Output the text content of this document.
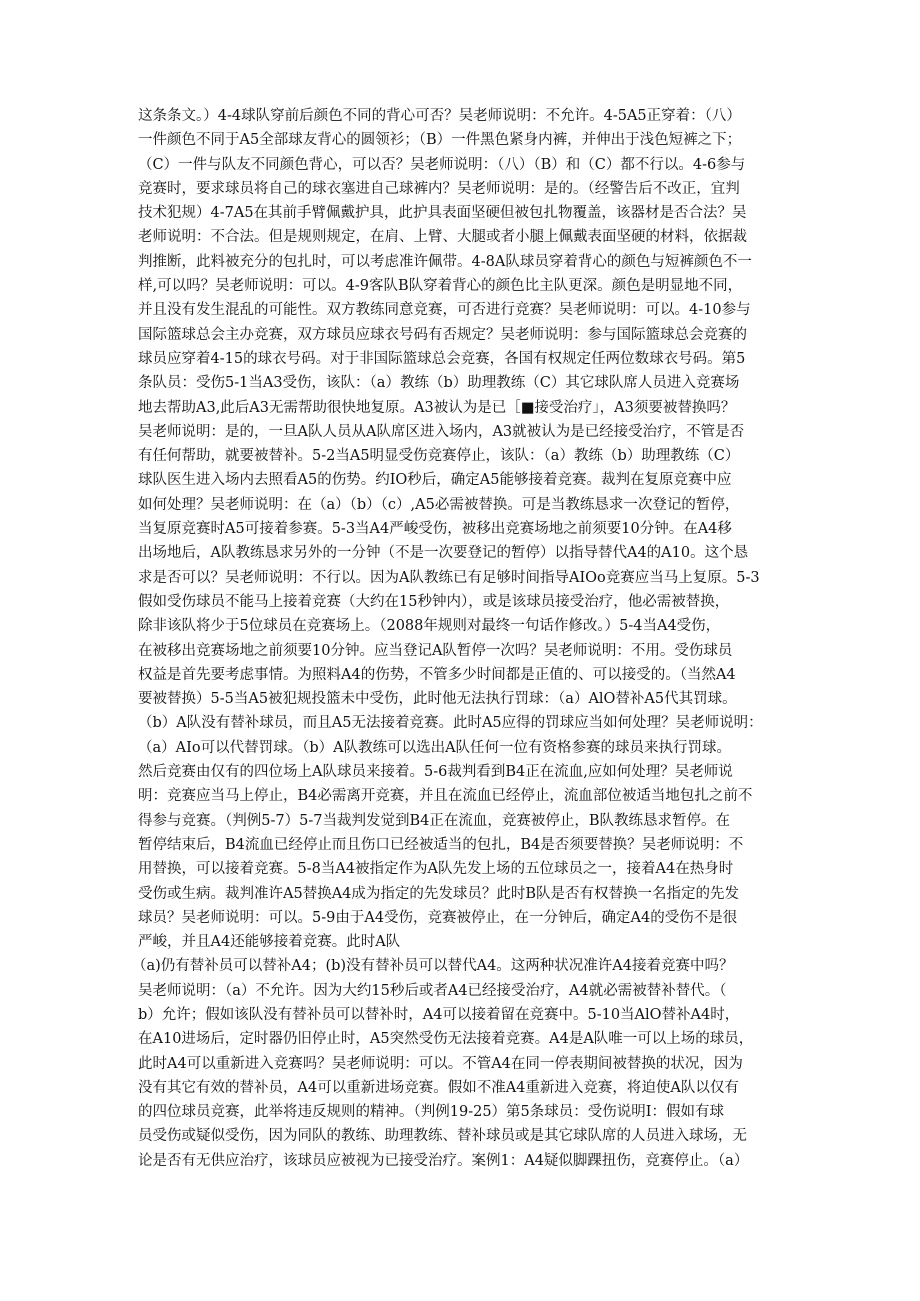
这条条文。）4-4球队穿前后颜色不同的背心可否？吴老师说明：不允许。4-5A5正穿着：（八）
一件颜色不同于A5全部球友背心的圆领衫；（B）一件黑色紧身内裤，并伸出于浅色短裤之下；
（C）一件与队友不同颜色背心，可以否？吴老师说明：（八）（B）和（C）都不行以。4-6参与
竞赛时，要求球员将自己的球衣塞进自己球裤内？吴老师说明：是的。（经警告后不改正，宜判
技术犯规）4-7A5在其前手臂佩戴护具，此护具表面坚硬但被包扎物覆盖，该器材是否合法？吴
老师说明：不合法。但是规则规定，在肩、上臂、大腿或者小腿上佩戴表面坚硬的材料，依据裁
判推断，此料被充分的包扎时，可以考虑准许佩带。4-8A队球员穿着背心的颜色与短裤颜色不一
样,可以吗？吴老师说明：可以。4-9客队B队穿着背心的颜色比主队更深。颜色是明显地不同，
并且没有发生混乱的可能性。双方教练同意竞赛，可否进行竞赛？吴老师说明：可以。4-10参与
国际篮球总会主办竞赛，双方球员应球衣号码有否规定？吴老师说明：参与国际篮球总会竞赛的
球员应穿着4-15的球衣号码。对于非国际篮球总会竞赛，各国有权规定任两位数球衣号码。第5
条队员：受伤5-1当A3受伤，该队：（a）教练（b）助理教练（C）其它球队席人员进入竞赛场
地去帮助A3,此后A3无需帮助很快地复原。A3被认为是已［■接受治疗」，A3须要被替换吗？
吴老师说明：是的，一旦A队人员从A队席区进入场内，A3就被认为是已经接受治疗，不管是否
有任何帮助，就要被替补。5-2当A5明显受伤竞赛停止，该队：（a）教练（b）助理教练（C）
球队医生进入场内去照看A5的伤势。约IO秒后，确定A5能够接着竞赛。裁判在复原竞赛中应
如何处理？吴老师说明：在（a）（b）（c）,A5必需被替换。可是当教练恳求一次登记的暂停，
当复原竞赛时A5可接着参赛。5-3当A4严峻受伤，被移出竞赛场地之前须要10分钟。在A4移
出场地后，A队教练恳求另外的一分钟（不是一次要登记的暂停）以指导替代A4的A10。这个恳
求是否可以？吴老师说明：不行以。因为A队教练已有足够时间指导AIOo竞赛应当马上复原。5-3
假如受伤球员不能马上接着竞赛（大约在15秒钟内），或是该球员接受治疗，他必需被替换，
除非该队将少于5位球员在竞赛场上。（2088年规则对最终一句话作修改。）5-4当A4受伤，
在被移出竞赛场地之前须要10分钟。应当登记A队暂停一次吗？吴老师说明：不用。受伤球员
权益是首先要考虑事情。为照料A4的伤势，不管多少时间都是正值的、可以接受的。（当然A4
要被替换）5-5当A5被犯规投篮未中受伤，此时他无法执行罚球：（a）AlO替补A5代其罚球。
（b）A队没有替补球员，而且A5无法接着竞赛。此时A5应得的罚球应当如何处理？吴老师说明：
（a）AIo可以代替罚球。（b）A队教练可以选出A队任何一位有资格参赛的球员来执行罚球。
然后竞赛由仅有的四位场上A队球员来接着。5-6裁判看到B4正在流血,应如何处理？吴老师说
明：竞赛应当马上停止，B4必需离开竞赛，并且在流血已经停止，流血部位被适当地包扎之前不
得参与竞赛。（判例5-7）5-7当裁判发觉到B4正在流血，竞赛被停止，B队教练恳求暂停。在
暂停结束后，B4流血已经停止而且伤口已经被适当的包扎，B4是否须要替换？吴老师说明：不
用替换，可以接着竞赛。5-8当A4被指定作为A队先发上场的五位球员之一，接着A4在热身时
受伤或生病。裁判准许A5替换A4成为指定的先发球员？此时B队是否有权替换一名指定的先发
球员？吴老师说明：可以。5-9由于A4受伤，竞赛被停止，在一分钟后，确定A4的受伤不是很
严峻，并且A4还能够接着竞赛。此时A队
（a)仍有替补员可以替补A4；(b)没有替补员可以替代A4。这两种状况准许A4接着竞赛中吗？
吴老师说明：（a）不允许。因为大约15秒后或者A4已经接受治疗，A4就必需被替补替代。（
b）允许；假如该队没有替补员可以替补时，A4可以接着留在竞赛中。5-10当AlO替补A4时，
在A10进场后，定时器仍旧停止时，A5突然受伤无法接着竞赛。A4是A队唯一可以上场的球员，
此时A4可以重新进入竞赛吗？吴老师说明：可以。不管A4在同一停表期间被替换的状况，因为
没有其它有效的替补员，A4可以重新进场竞赛。假如不准A4重新进入竞赛，将迫使A队以仅有
的四位球员竞赛，此举将违反规则的精神。（判例19-25）第5条球员：受伤说明I：假如有球
员受伤或疑似受伤，因为同队的教练、助理教练、替补球员或是其它球队席的人员进入球场，无
论是否有无供应治疗，该球员应被视为已接受治疗。案例1：A4疑似脚踝扭伤，竞赛停止。（a）
